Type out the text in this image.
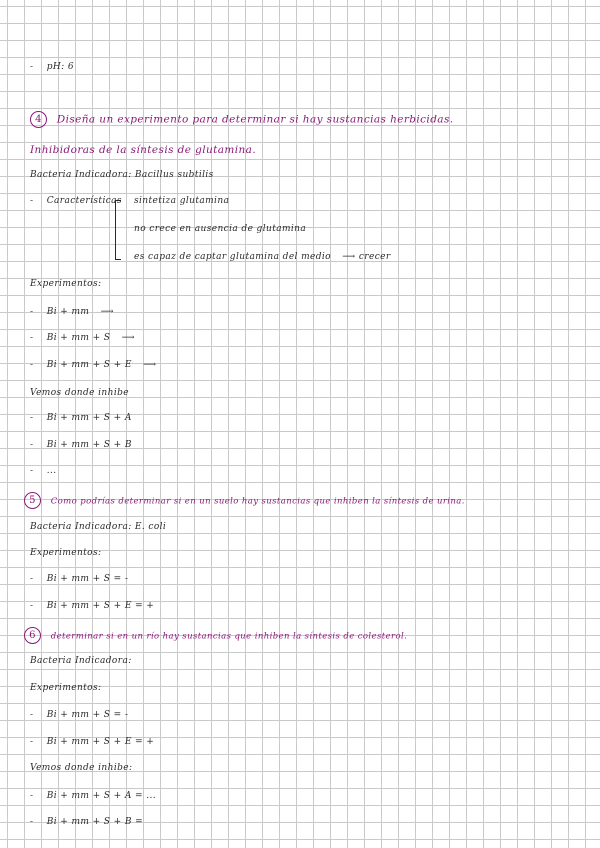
- pH: 6
4 Diseña un experimento para determinar si hay sustancias herbicidas.
Inhibidoras de la síntesis de glutamina.
Bacteria Indicadora: Bacillus subtilis
- Características sintetiza glutamina
no crece en ausencia de glutamina
es capaz de captar glutamina del medio ⟶ crecer
Experimentos:
- Bi + mm ⟶
- Bi + mm + S ⟶
- Bi + mm + S + E ⟶
Vemos donde inhibe
- Bi + mm + S + A
- Bi + mm + S + B
- ...
5 Como podrías determinar si en un suelo hay sustancias que inhiben la síntesis de urina.
Bacteria Indicadora: E. coli
Experimentos:
- Bi + mm + S = -
- Bi + mm + S + E = +
6 determinar si en un río hay sustancias que inhiben la síntesis de colesterol.
Bacteria Indicadora:
Experimentos:
- Bi + mm + S = -
- Bi + mm + S + E = +
Vemos donde inhibe:
- Bi + mm + S + A = ...
- Bi + mm + S + B =
